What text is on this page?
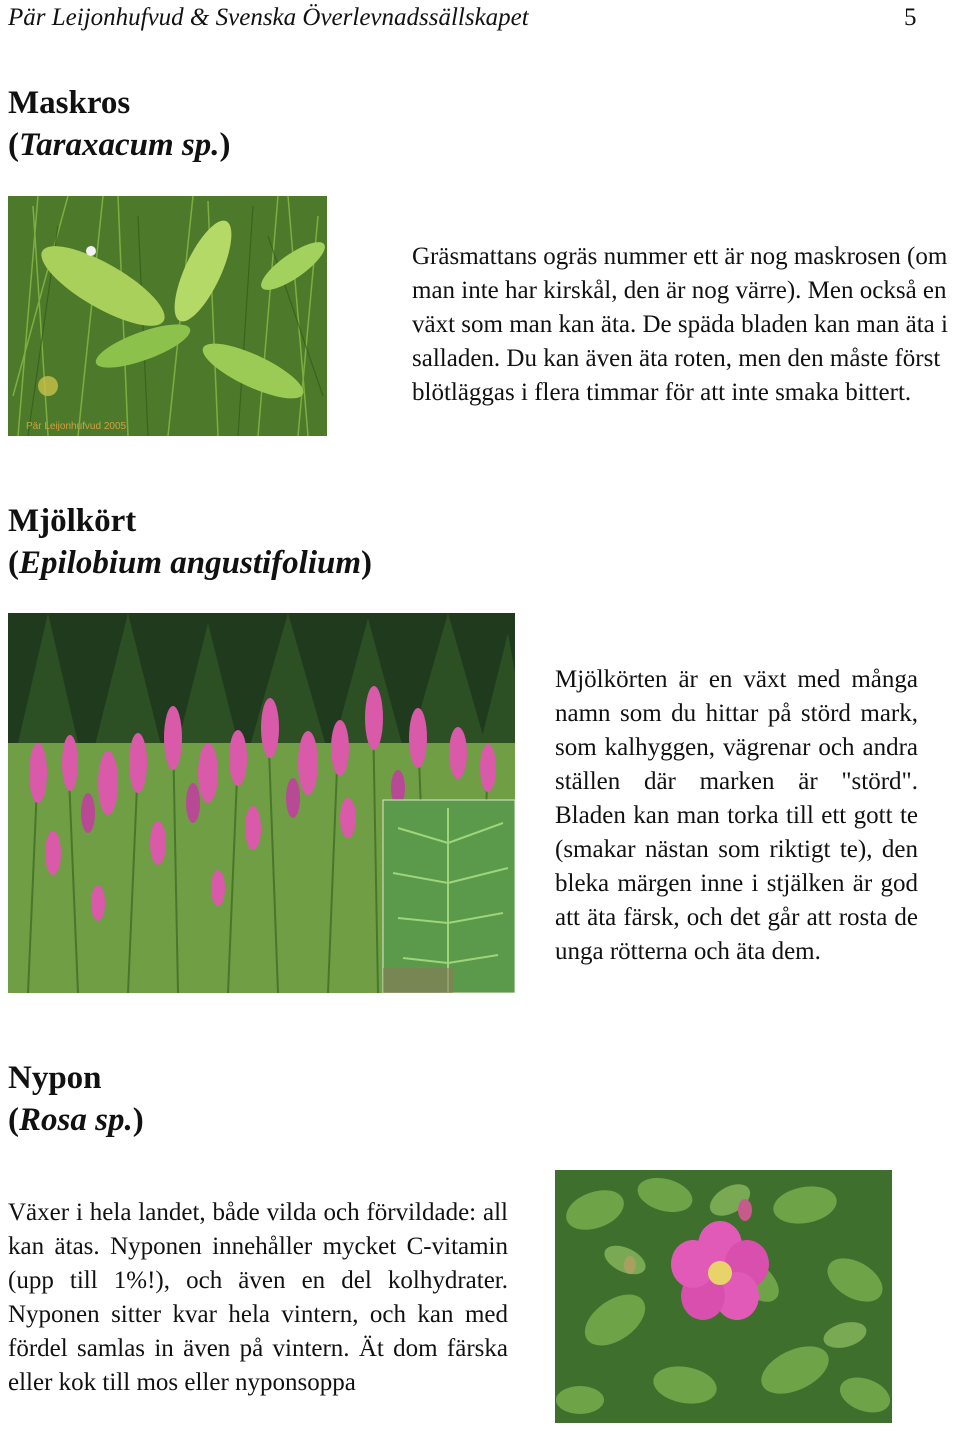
Pär Leijonhufvud & Svenska Överlevnadssällskapet	5
Maskros
(Taraxacum sp.)
Pär Leijonhufvud 2005

Gräsmattans ogräs nummer ett är nog maskrosen (om man inte har kirskål, den är nog värre). Men också en växt som man kan äta. De späda bladen kan man äta i salladen. Du kan även äta roten, men den måste först blötläggas i flera timmar för att inte smaka bittert.

Mjölkört
(Epilobium angustifolium)

Mjölkörten är en växt med många namn som du hittar på störd mark, som kalhyggen, vägrenar och andra ställen där marken är "störd". Bladen kan man torka till ett gott te (smakar nästan som riktigt te), den bleka märgen inne i stjälken är god att äta färsk, och det går att rosta de unga rötterna och äta dem.

Nypon
(Rosa sp.)

Växer i hela landet, både vilda och förvildade: all kan ätas. Nyponen innehåller mycket C-vitamin (upp till 1%!), och även en del kolhydrater. Nyponen sitter kvar hela vintern, och kan med fördel samlas in även på vintern. Ät dom färska eller kok till mos eller nyponsoppa
